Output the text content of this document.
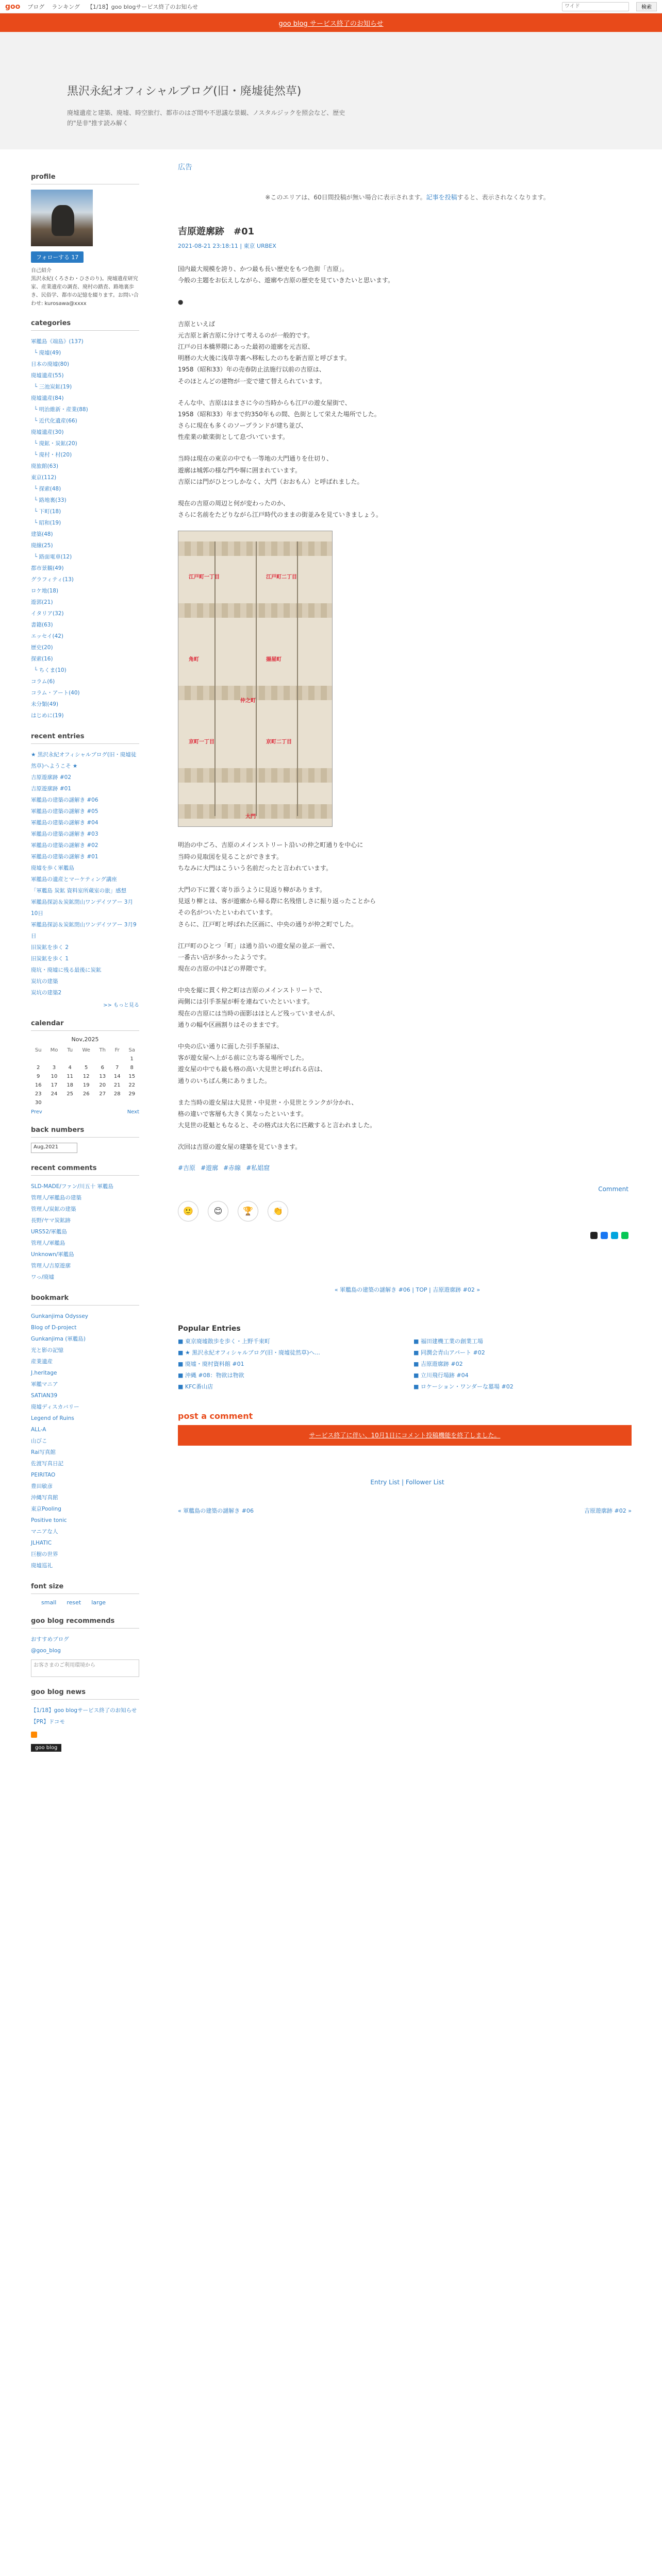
goo ブログ ランキング 【1/18】goo blogサービス終了のお知らせ
ワイド	検索
goo blog サービス終了のお知らせ
黒沢永紀オフィシャルブログ(旧・廃墟徒然草)

廃墟遺産と建築、廃墟、時空旅行、都市のはざ間や不思議な景観、ノスタルジックを照会など、歴史的"是非"推す読み解く

profile
フォローする 17
自己紹介
黒沢永紀(くろさわ・ひさのり)。廃墟遺産研究家、産業遺産の調査、廃村の踏査、路地裏歩き、民俗学、都市の記憶を綴ります。お問い合わせ: kurosawa@xxxx
categories
軍艦島《端島》(137)
└ 廃墟(49)
日本の廃墟(80)
廃墟遺産(55)
└ 三池炭鉱(19)
廃墟遺産(84)
└ 明治維新・産業(88)
└ 近代化遺産(66)
廃墟遺産(30)
└ 廃鉱・炭鉱(20)
└ 廃村・村(20)
廃旅館(63)
東京(112)
└ 探索(48)
└ 路地裏(33)
└ 下町(18)
└ 昭和(19)
建築(48)
廃線(25)
└ 路面電車(12)
都市景観(49)
グラフィティ(13)
ロケ地(18)
遊郭(21)
イタリア(32)
書籍(63)
エッセイ(42)
歴史(20)
探索(16)
└ ちくま(10)
コラム(6)
コラム・アート(40)
未分類(49)
はじめに(19)
recent entries
★ 黒沢永紀オフィシャルブログ(旧・廃墟徒然草)へようこそ ★
吉原遊廓跡 #02
吉原遊廓跡 #01
軍艦島の建築の謎解き #06
軍艦島の建築の謎解き #05
軍艦島の建築の謎解き #04
軍艦島の建築の謎解き #03
軍艦島の建築の謎解き #02
軍艦島の建築の謎解き #01
廃墟を歩く軍艦島
軍艦島の遺産とマーケティング講座
「軍艦島 炭鉱 資料室所蔵室の旅」感想
軍艦島探訪＆炭鉱閉山ワンデイツアー 3月10日
軍艦島探訪＆炭鉱閉山ワンデイツアー 3月9日
旧炭鉱を歩く 2
旧炭鉱を歩く 1
廃坑・廃墟に残る最後に炭鉱
炭坑の建築
炭坑の建築2
>> もっと見る
calendar
Nov,2025
Su	Mo	Tu	We	Th	Fr	Sa
						1
2	3	4	5	6	7	8
9	10	11	12	13	14	15
16	17	18	19	20	21	22
23	24	25	26	27	28	29
30						
Prev	Next
back numbers
Aug,2021
recent comments
SLD-MADE/ファン/川五十 軍艦島
管理人/軍艦島の建築
管理人/炭鉱の建築
長野/ヤマ炭鉱跡
URS52/軍艦島
管理人/軍艦島
Unknown/軍艦島
管理人/吉原遊廓
ワっ/廃墟
bookmark
Gunkanjima Odyssey
Blog of D-project
Gunkanjima (軍艦島)
光と影の記憶
産業遺産
J.heritage
軍艦マニア
SATIAN39
廃墟ディスカバリー
Legend of Ruins
ALL-A
山びこ
Rai写真館
佐渡写真日記
PEIRITAO
豊田敏彦
沖縄写真館
東京Pooling
Positive tonic
マニアな人
JLHATIC
巨樹の世界
廃墟巡礼
font size
small reset large
goo blog recommends
おすすめブログ
@goo_blog
お客さまのご利用環境から
goo blog news
【1/18】goo blogサービス終了のお知らせ
【PR】ドコモ

goo blog
広告
※このエリアは、60日間投稿が無い場合に表示されます。記事を投稿すると、表示されなくなります。
吉原遊廓跡　#01
2021-08-21 23:18:11 | 東京 URBEX

国内最大規模を誇り、かつ最も長い歴史をもつ色街「吉原」。
今般の主題をお伝えしながら、遊廓や吉原の歴史を見ていきたいと思います。

●

吉原といえば
元吉原と新吉原に分けて考えるのが一般的です。
江戸の日本橋界隈にあった最初の遊廓を元吉原、
明暦の大火後に浅草寺裏へ移転したのちを新吉原と呼びます。
1958（昭和33）年の売春防止法施行以前の吉原は、
そのほとんどの建物が一変で建て替えられています。

そんな中、吉原ははまさに今の当時からも江戸の遊女屋街で、
1958（昭和33）年まで約350年もの間、色街として栄えた場所でした。
さらに現在も多くのソープランドが建ち並び、
性産業の歓楽街として息づいています。

当時は現在の東京の中でも一等地の大門通りを仕切り、
遊廓は城郭の様な門や塀に囲まれています。
吉原には門がひとつしかなく、大門（おおもん）と呼ばれました。

現在の吉原の周辺と何が変わったのか、
さらに名前をたどりながら江戸時代のままの街並みを見ていきましょう。

大門
江戸町一丁目	江戸町二丁目
京町一丁目	京町二丁目
角町	揚屋町
仲之町

明治の中ごろ、吉原のメインストリート沿いの仲之町通りを中心に
当時の見取図を見ることができます。
ちなみに大門はこういう名前だったと言われています。

大門の下に置く寄り添うように見返り柳があります。
見返り柳とは、客が遊廓から帰る際に名残惜しさに振り返ったことから
その名がついたといわれています。
さらに、江戸町と呼ばれた区画に、中央の通りが仲之町でした。

江戸町のひとつ「町」は通り沿いの遊女屋の並ぶ一画で、
一番古い店が多かったようです。
現在の吉原の中ほどの界隈です。

中央を縦に貫く仲之町は吉原のメインストリートで、
両側には引手茶屋が軒を連ねていたといいます。
現在の吉原には当時の面影はほとんど残っていませんが、
通りの幅や区画割りはそのままです。

中央の広い通りに面した引手茶屋は、
客が遊女屋へ上がる前に立ち寄る場所でした。
遊女屋の中でも最も格の高い大見世と呼ばれる店は、
通りのいちばん奥にありました。

また当時の遊女屋は大見世・中見世・小見世とランクが分かれ、
格の違いで客層も大きく異なったといいます。
大見世の花魁ともなると、その格式は大名に匹敵すると言われました。

次回は吉原の遊女屋の建築を見ていきます。

#吉原 #遊廓 #赤線 #私娼窟
Comment
🙂	😊	🏆	👏
« 軍艦島の建築の謎解き #06 | TOP | 吉原遊廓跡 #02 »
Popular Entries
■ 東京廃墟散歩を歩く・上野千束町	■ 福田建機工業の創業工場
■ ★ 黒沢永紀オフィシャルブログ(旧・廃墟徒然草)へ...	■ 同潤会青山アパート #02
■ 廃墟・廃村資料館 #01	■ 吉原遊廓跡 #02
■ 沖縄 #08：物欲は物欲	■ 立川飛行場跡 #04
■ KFC番山店	■ ロケーション・ワンダーな墓場 #02
post a comment
サービス終了に伴い、10月1日にコメント投稿機能を終了しました。
Entry List | Follower List
« 軍艦島の建築の謎解き #06	吉原遊廓跡 #02 »
